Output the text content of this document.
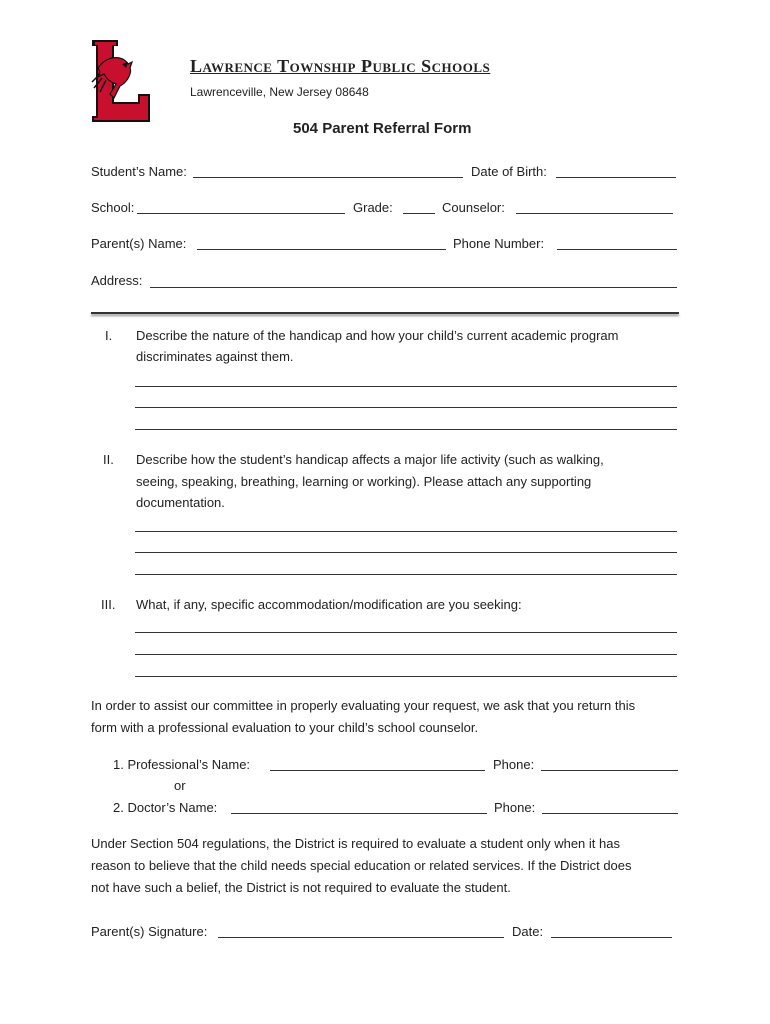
Lawrence Township Public Schools
Lawrenceville, New Jersey 08648
504 Parent Referral Form
Student’s Name:	Date of Birth:
School:	Grade:	Counselor:
Parent(s) Name:	Phone Number:
Address:
I. Describe the nature of the handicap and how your child’s current academic program
discriminates against them.
II. Describe how the student’s handicap affects a major life activity (such as walking,
seeing, speaking, breathing, learning or working). Please attach any supporting
documentation.
III. What, if any, specific accommodation/modification are you seeking:
In order to assist our committee in properly evaluating your request, we ask that you return this
form with a professional evaluation to your child’s school counselor.
1. Professional’s Name:	Phone:
or
2. Doctor’s Name:	Phone:
Under Section 504 regulations, the District is required to evaluate a student only when it has
reason to believe that the child needs special education or related services. If the District does
not have such a belief, the District is not required to evaluate the student.
Parent(s) Signature:	Date:
